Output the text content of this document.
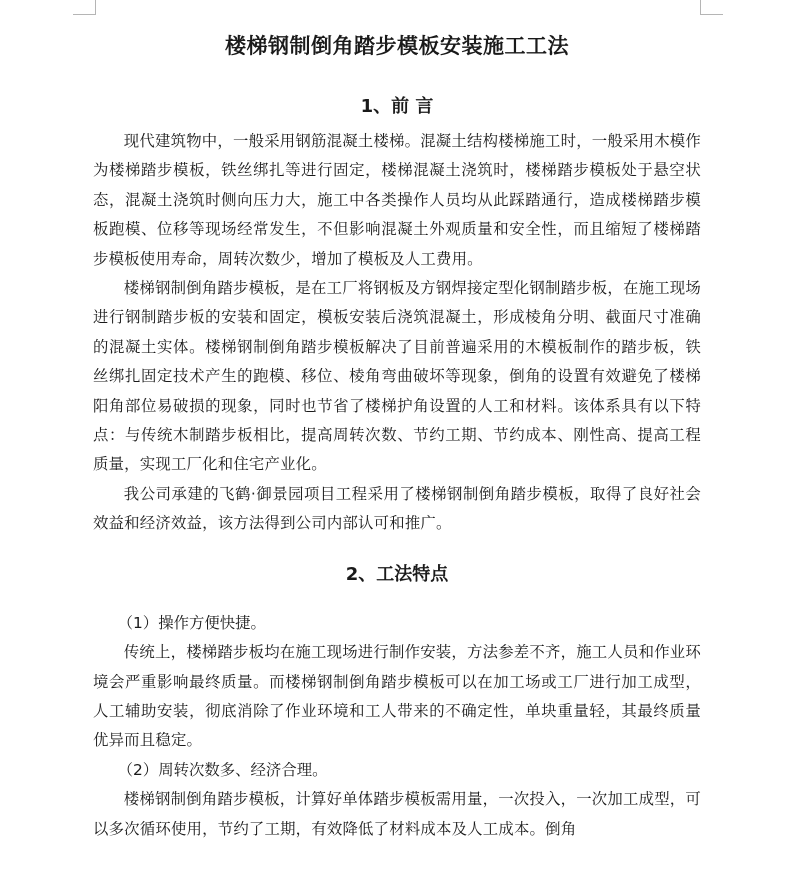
楼梯钢制倒角踏步模板安装施工工法
1、前 言

现代建筑物中，一般采用钢筋混凝土楼梯。混凝土结构楼梯施工时，一般采用木模作为楼梯踏步模板，铁丝绑扎等进行固定，楼梯混凝土浇筑时，楼梯踏步模板处于悬空状态，混凝土浇筑时侧向压力大，施工中各类操作人员均从此踩踏通行，造成楼梯踏步模板跑模、位移等现场经常发生，不但影响混凝土外观质量和安全性，而且缩短了楼梯踏步模板使用寿命，周转次数少，增加了模板及人工费用。

楼梯钢制倒角踏步模板，是在工厂将钢板及方钢焊接定型化钢制踏步板，在施工现场进行钢制踏步板的安装和固定，模板安装后浇筑混凝土，形成棱角分明、截面尺寸准确的混凝土实体。楼梯钢制倒角踏步模板解决了目前普遍采用的木模板制作的踏步板，铁丝绑扎固定技术产生的跑模、移位、棱角弯曲破坏等现象，倒角的设置有效避免了楼梯阳角部位易破损的现象，同时也节省了楼梯护角设置的人工和材料。该体系具有以下特点：与传统木制踏步板相比，提高周转次数、节约工期、节约成本、刚性高、提高工程质量，实现工厂化和住宅产业化。

我公司承建的飞鹤·御景园项目工程采用了楼梯钢制倒角踏步模板，取得了良好社会效益和经济效益，该方法得到公司内部认可和推广。

2、工法特点

（1）操作方便快捷。

传统上，楼梯踏步板均在施工现场进行制作安装，方法参差不齐，施工人员和作业环境会严重影响最终质量。而楼梯钢制倒角踏步模板可以在加工场或工厂进行加工成型，人工辅助安装，彻底消除了作业环境和工人带来的不确定性，单块重量轻，其最终质量优异而且稳定。

（2）周转次数多、经济合理。

楼梯钢制倒角踏步模板，计算好单体踏步模板需用量，一次投入，一次加工成型，可以多次循环使用，节约了工期，有效降低了材料成本及人工成本。倒角
